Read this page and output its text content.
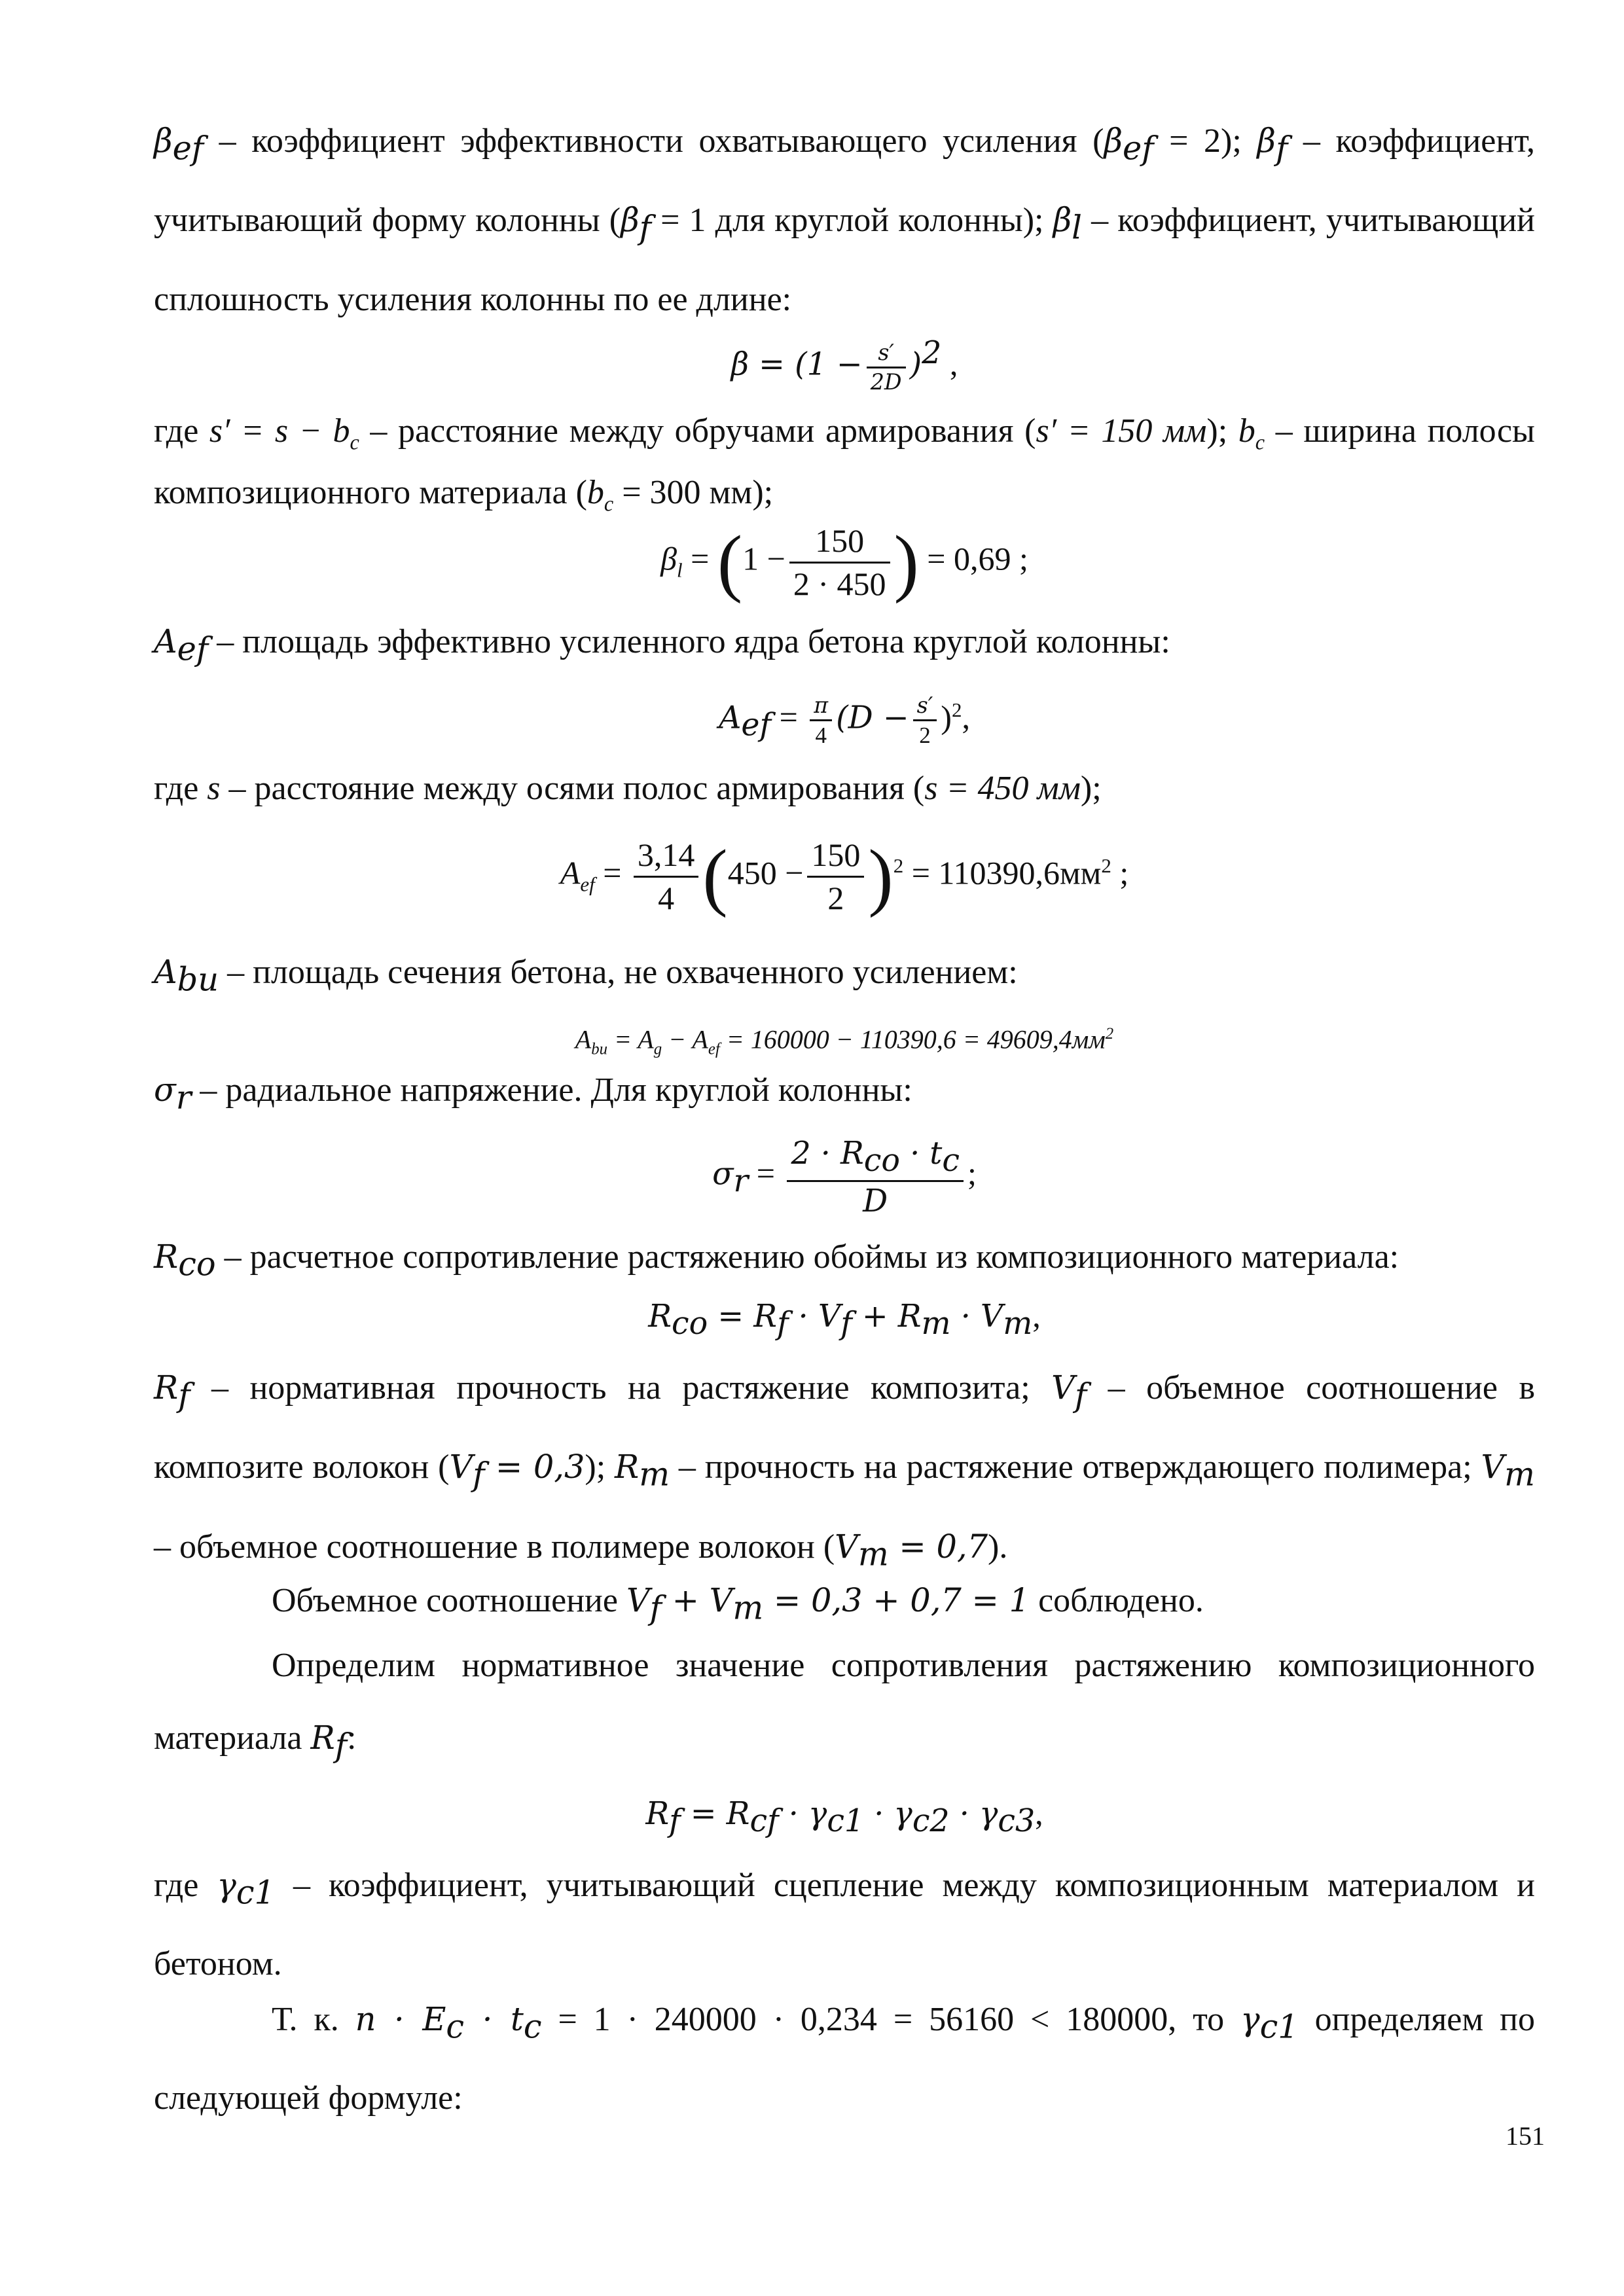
$\beta_{ef}$ – коэффициент эффективности охватывающего усиления $(\beta_{ef} = 2)$; $\beta_f$ – коэффициент, учитывающий форму колонны ($\beta_f = 1$ для круглой колонны); $\beta_l$ – коэффициент, учитывающий сплошность усиления колонны по ее длине:
$\beta = (1 - \frac{s'}{2D} )^2$ ,
где $s' = s - b_c$ – расстояние между обручами армирования (s′ = 150 мм); $b_c$ – ширина полосы композиционного материала ($b_c = 300$ мм);
$\beta_l = (1 - \frac{150}{2 \cdot 450}$ ) = 0,69 ;
$A_{ef}$ – площадь эффективно усиленного ядра бетона круглой колонны:
$A_{ef} = \frac{\pi}{4} (D - \frac{s'}{2} )^2$,
где s – расстояние между осями полос армирования (s = 450 мм);
$A_{ef} = \frac{3,14}{4} (450 - \frac{150}{2} )^2 = 110390,6мм^2$ ;
$A_{bu}$ – площадь сечения бетона, не охваченного усилением:
$A_{bu} = A_g - A_{ef} = 160000 - 110390,6 = 49609,4мм^2$
$\sigma_r$ – радиальное напряжение. Для круглой колонны:
$\sigma_r = \frac{2 \cdot R_{co} \cdot t_c}{D}$ ;
$R_{co}$ – расчетное сопротивление растяжению обоймы из композиционного материала:
$R_{co} = R_f \cdot V_f + R_m \cdot V_m$,
$R_f$ – нормативная прочность на растяжение композита; $V_f$ – объемное соотношение в композите волокон $(V_f = 0,3)$; $R_m$ – прочность на растяжение отверждающего полимера; $V_m$ – объемное соотношение в полимере волокон $(V_m = 0,7)$.
Объемное соотношение $V_f + V_m = 0,3 + 0,7 = 1$ соблюдено.
Определим нормативное значение сопротивления растяжению композиционного материала $R_f$:
$R_f = R_{cf} \cdot \gamma_{c1} \cdot \gamma_{c2} \cdot \gamma_{c3}$,
где $\gamma_{c1}$ – коэффициент, учитывающий сцепление между композиционным материалом и бетоном.
Т. к. $n \cdot E_c \cdot t_c = 1 \cdot 240000 \cdot 0,234 = 56160 < 180000$, то $\gamma_{c1}$ определяем по следующей формуле:
151
